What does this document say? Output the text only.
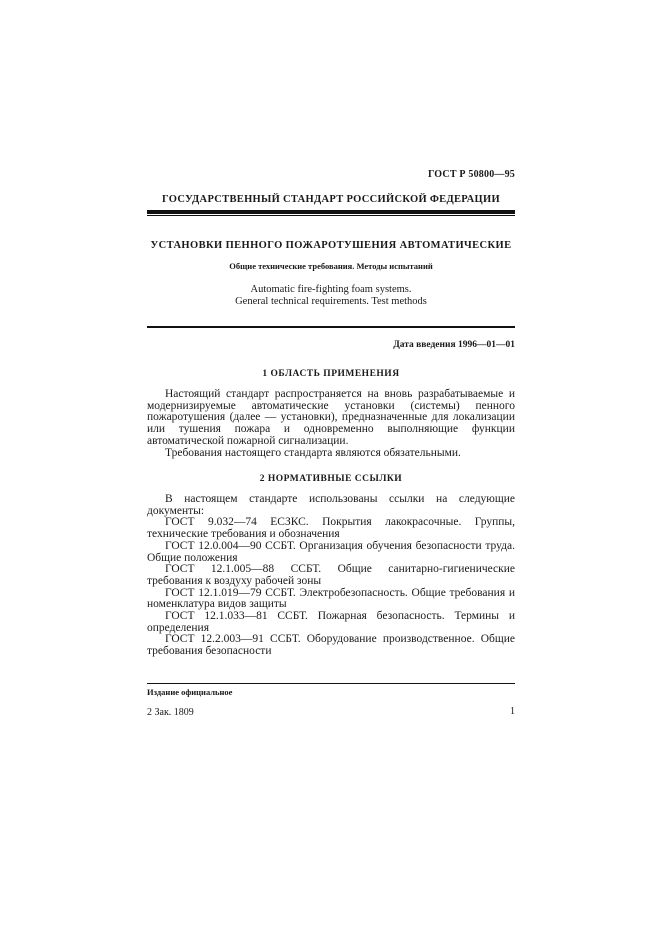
ГОСТ Р 50800—95
ГОСУДАРСТВЕННЫЙ СТАНДАРТ РОССИЙСКОЙ ФЕДЕРАЦИИ
УСТАНОВКИ ПЕННОГО ПОЖАРОТУШЕНИЯ АВТОМАТИЧЕСКИЕ
Общие технические требования. Методы испытаний
Automatic fire-fighting foam systems.
General technical requirements. Test methods
Дата введения 1996—01—01
1 ОБЛАСТЬ ПРИМЕНЕНИЯ

Настоящий стандарт распространяется на вновь разрабатываемые и модернизируемые автоматические установки (системы) пенного пожаротушения (далее — установки), предназначенные для локализации или тушения пожара и одновременно выполняющие функции автоматической пожарной сигнализации.

Требования настоящего стандарта являются обязательными.

2 НОРМАТИВНЫЕ ССЫЛКИ

В настоящем стандарте использованы ссылки на следующие документы:

ГОСТ 9.032—74 ЕСЗКС. Покрытия лакокрасочные. Группы, технические требования и обозначения

ГОСТ 12.0.004—90 ССБТ. Организация обучения безопасности труда. Общие положения

ГОСТ 12.1.005—88 ССБТ. Общие санитарно-гигиенические требования к воздуху рабочей зоны

ГОСТ 12.1.019—79 ССБТ. Электробезопасность. Общие требования и номенклатура видов защиты

ГОСТ 12.1.033—81 ССБТ. Пожарная безопасность. Термины и определения

ГОСТ 12.2.003—91 ССБТ. Оборудование производственное. Общие требования безопасности

Издание официальное
2 Зак. 1809	1
